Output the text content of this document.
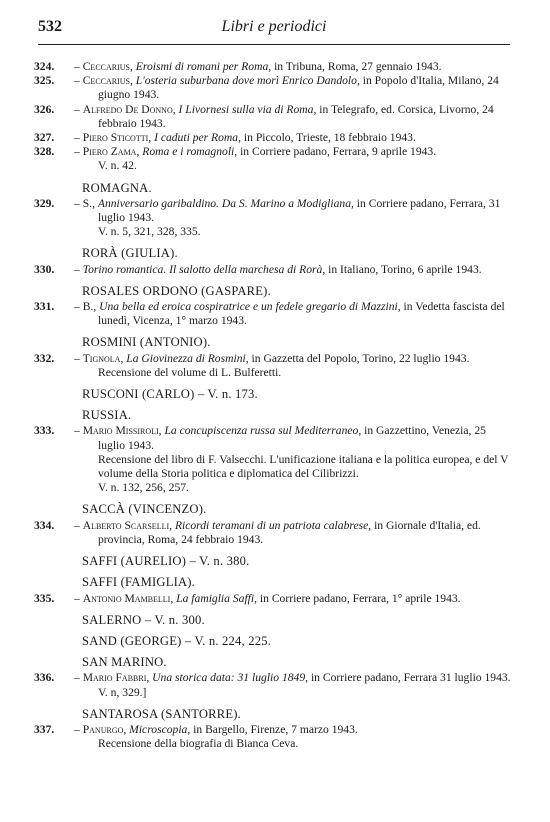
532	Libri e periodici

324. – Ceccarius, Eroismi di romani per Roma, in Tribuna, Roma, 27 gennaio 1943.

325. – Ceccarius, L'osteria suburbana dove morì Enrico Dandolo, in Popolo d'Italia, Milano, 24 giugno 1943.

326. – Alfredo De Donno, I Livornesi sulla via di Roma, in Telegrafo, ed. Corsica, Livorno, 24 febbraio 1943.

327. – Piero Sticotti, I caduti per Roma, in Piccolo, Trieste, 18 febbraio 1943.

328. – Piero Zama, Roma e i romagnoli, in Corriere padano, Ferrara, 9 aprile 1943.

V. n. 42.

ROMAGNA.

329. – S., Anniversario garibaldino. Da S. Marino a Modigliana, in Corriere padano, Ferrara, 31 luglio 1943.

V. n. 5, 321, 328, 335.

RORÀ (GIULIA).

330. – Torino romantica. Il salotto della marchesa di Rorà, in Italiano, Torino, 6 aprile 1943.

ROSALES ORDONO (GASPARE).

331. – B., Una bella ed eroica cospiratrice e un fedele gregario di Mazzini, in Vedetta fascista del lunedì, Vicenza, 1° marzo 1943.

ROSMINI (ANTONIO).

332. – Tignola, La Giovinezza di Rosmini, in Gazzetta del Popolo, Torino, 22 luglio 1943.

Recensione del volume di L. Bulferetti.

RUSCONI (CARLO) – V. n. 173.

RUSSIA.

333. – Mario Missiroli, La concupiscenza russa sul Mediterraneo, in Gazzettino, Venezia, 25 luglio 1943.

Recensione del libro di F. Valsecchi. L'unificazione italiana e la politica europea, e del V volume della Storia politica e diplomatica del Cilibrizzi.

V. n. 132, 256, 257.

SACCÀ (VINCENZO).

334. – Alberto Scarselli, Ricordi teramani di un patriota calabrese, in Giornale d'Italia, ed. provincia, Roma, 24 febbraio 1943.

SAFFI (AURELIO) – V. n. 380.

SAFFI (FAMIGLIA).

335. – Antonio Mambelli, La famiglia Saffi, in Corriere padano, Ferrara, 1° aprile 1943.

SALERNO – V. n. 300.

SAND (GEORGE) – V. n. 224, 225.

SAN MARINO.

336. – Mario Fabbri, Una storica data: 31 luglio 1849, in Corriere padano, Ferrara 31 luglio 1943.

V. n, 329.]

SANTAROSA (SANTORRE).

337. – Panurgo, Microscopia, in Bargello, Firenze, 7 marzo 1943.

Recensione della biografia di Bianca Ceva.
